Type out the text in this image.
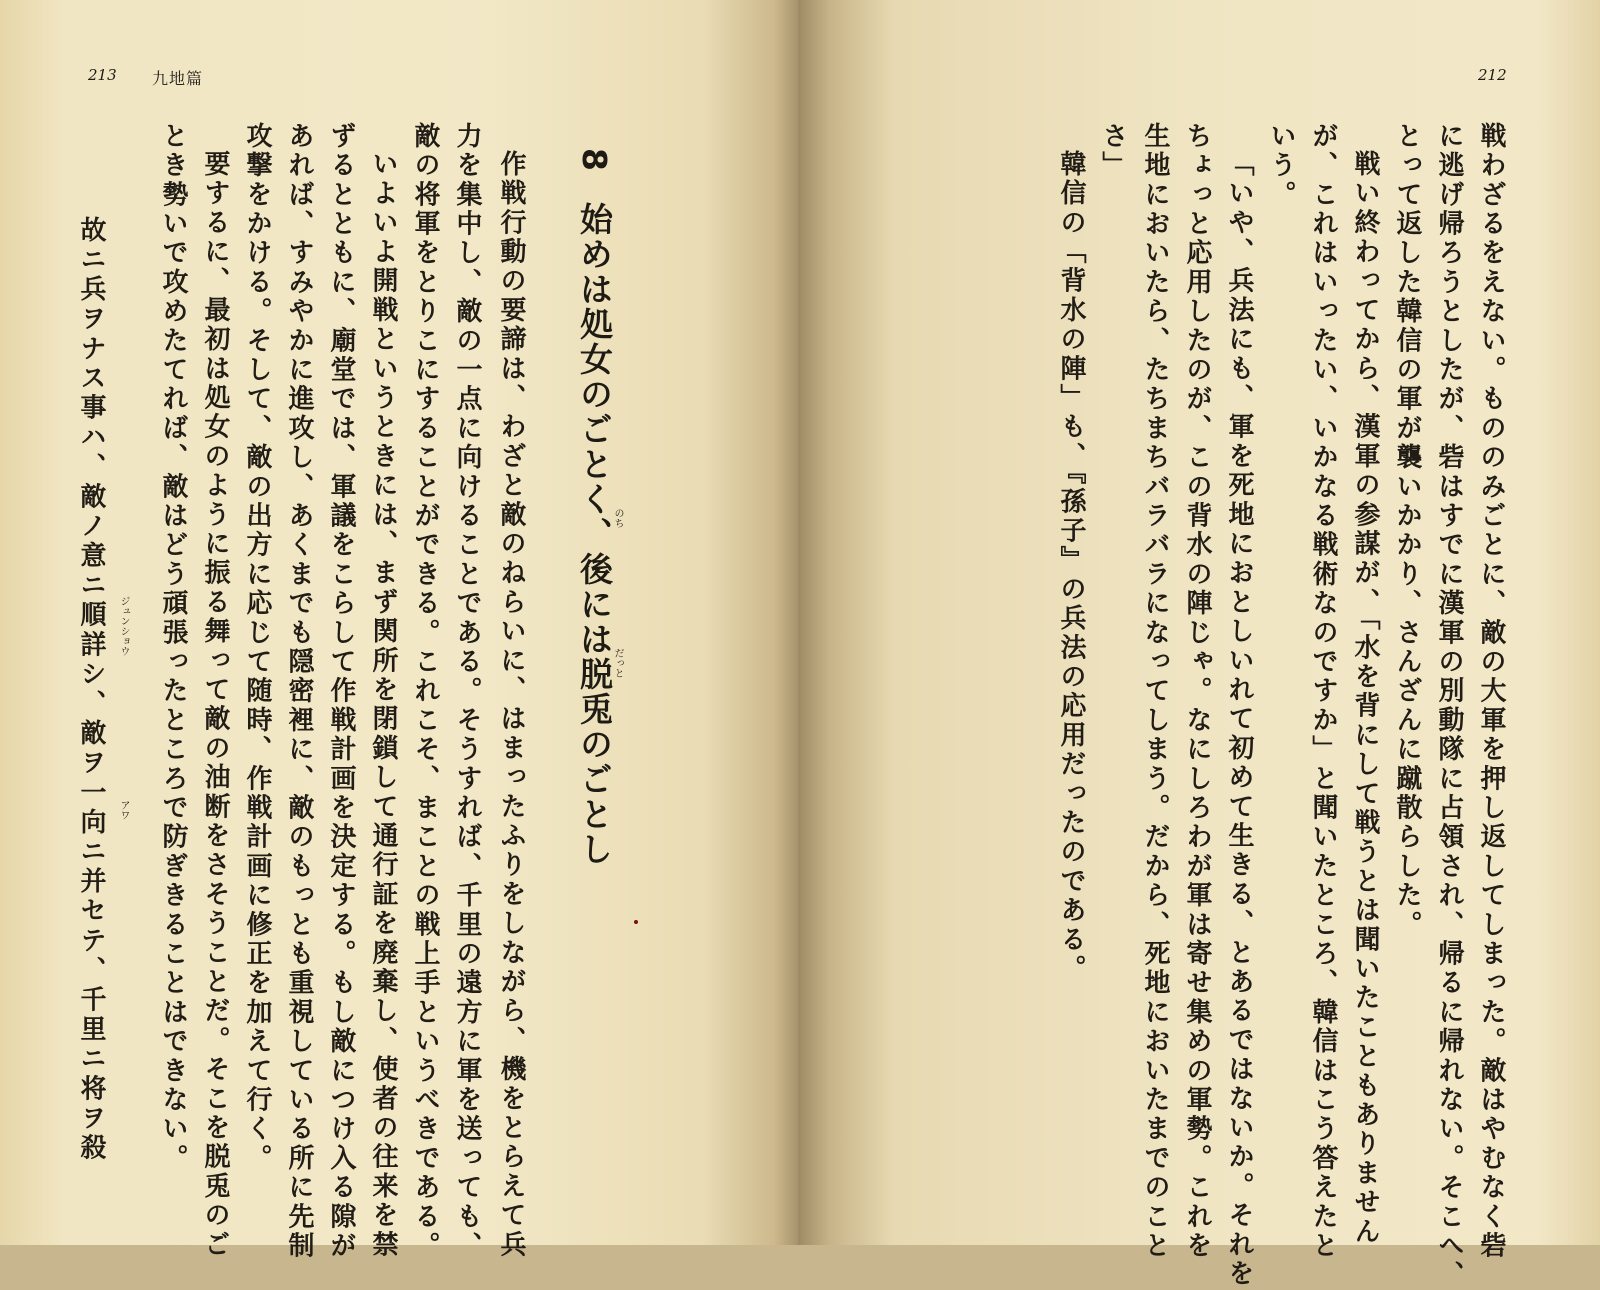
213 九地篇
8
始めは処女のごとく、後には脱兎のごとし
のち
だっと
作戦行動の要諦は、わざと敵のねらいに、はまったふりをしながら、機をとらえて兵
力を集中し、敵の一点に向けることである。そうすれば、千里の遠方に軍を送っても、
敵の将軍をとりこにすることができる。これこそ、まことの戦上手というべきである。
いよいよ開戦というときには、まず関所を閉鎖して通行証を廃棄し、使者の往来を禁
ずるとともに、廟堂では、軍議をこらして作戦計画を決定する。もし敵につけ入る隙が
あれば、すみやかに進攻し、あくまでも隠密裡に、敵のもっとも重視している所に先制
攻撃をかける。そして、敵の出方に応じて随時、作戦計画に修正を加えて行く。
要するに、最初は処女のように振る舞って敵の油断をさそうことだ。そこを脱兎のご
とき勢いで攻めたてれば、敵はどう頑張ったところで防ぎきることはできない。
故ニ兵ヲナス事ハ、敵ノ意ニ順詳シ、敵ヲ一向ニ并セテ、千里ニ将ヲ殺 ジュンショウ
アワ
212
戦わざるをえない。もののみごとに、敵の大軍を押し返してしまった。敵はやむなく砦
に逃げ帰ろうとしたが、砦はすでに漢軍の別動隊に占領され、帰るに帰れない。そこへ、
とって返した韓信の軍が襲いかかり、さんざんに蹴散らした。
戦い終わってから、漢軍の参謀が、「水を背にして戦うとは聞いたこともありません
が、これはいったい、いかなる戦術なのですか」と聞いたところ、韓信はこう答えたと
いう。
「いや、兵法にも、軍を死地におとしいれて初めて生きる、とあるではないか。それを
ちょっと応用したのが、この背水の陣じゃ。なにしろわが軍は寄せ集めの軍勢。これを
生地においたら、たちまちバラバラになってしまう。だから、死地においたまでのこと
さ」
韓信の「背水の陣」も、『孫子』の兵法の応用だったのである。
